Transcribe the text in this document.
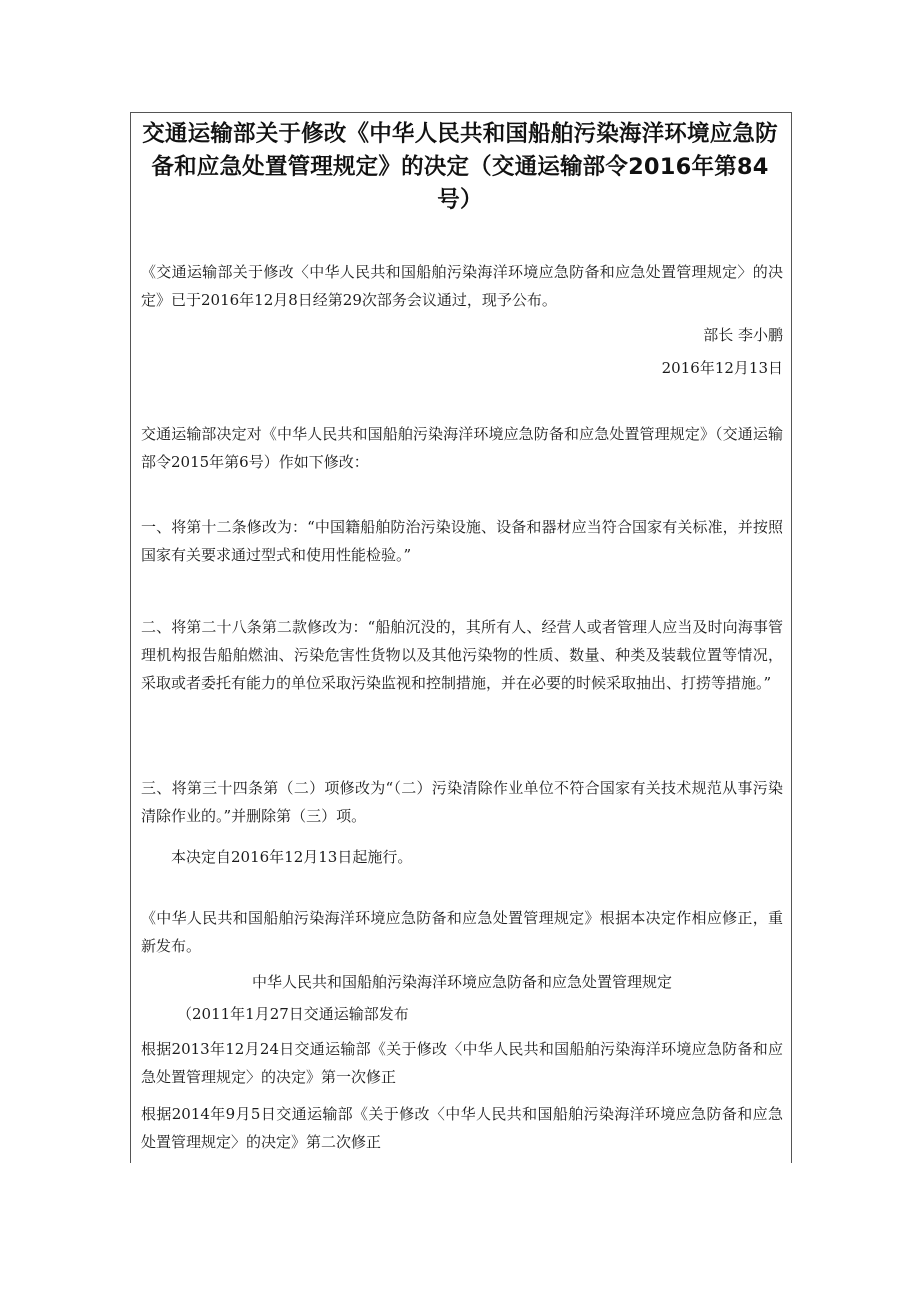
交通运输部关于修改《中华人民共和国船舶污染海洋环境应急防备和应急处置管理规定》的决定（交通运输部令2016年第84号）

《交通运输部关于修改〈中华人民共和国船舶污染海洋环境应急防备和应急处置管理规定〉的决定》已于2016年12月8日经第29次部务会议通过，现予公布。

部长 李小鹏

2016年12月13日

交通运输部决定对《中华人民共和国船舶污染海洋环境应急防备和应急处置管理规定》（交通运输部令2015年第6号）作如下修改：

一、将第十二条修改为：“中国籍船舶防治污染设施、设备和器材应当符合国家有关标准，并按照国家有关要求通过型式和使用性能检验。”

二、将第二十八条第二款修改为：“船舶沉没的，其所有人、经营人或者管理人应当及时向海事管理机构报告船舶燃油、污染危害性货物以及其他污染物的性质、数量、种类及装载位置等情况，采取或者委托有能力的单位采取污染监视和控制措施，并在必要的时候采取抽出、打捞等措施。”

三、将第三十四条第（二）项修改为“（二）污染清除作业单位不符合国家有关技术规范从事污染清除作业的。”并删除第（三）项。

本决定自2016年12月13日起施行。

《中华人民共和国船舶污染海洋环境应急防备和应急处置管理规定》根据本决定作相应修正，重新发布。

中华人民共和国船舶污染海洋环境应急防备和应急处置管理规定

（2011年1月27日交通运输部发布

根据2013年12月24日交通运输部《关于修改〈中华人民共和国船舶污染海洋环境应急防备和应急处置管理规定〉的决定》第一次修正

根据2014年9月5日交通运输部《关于修改〈中华人民共和国船舶污染海洋环境应急防备和应急处置管理规定〉的决定》第二次修正
